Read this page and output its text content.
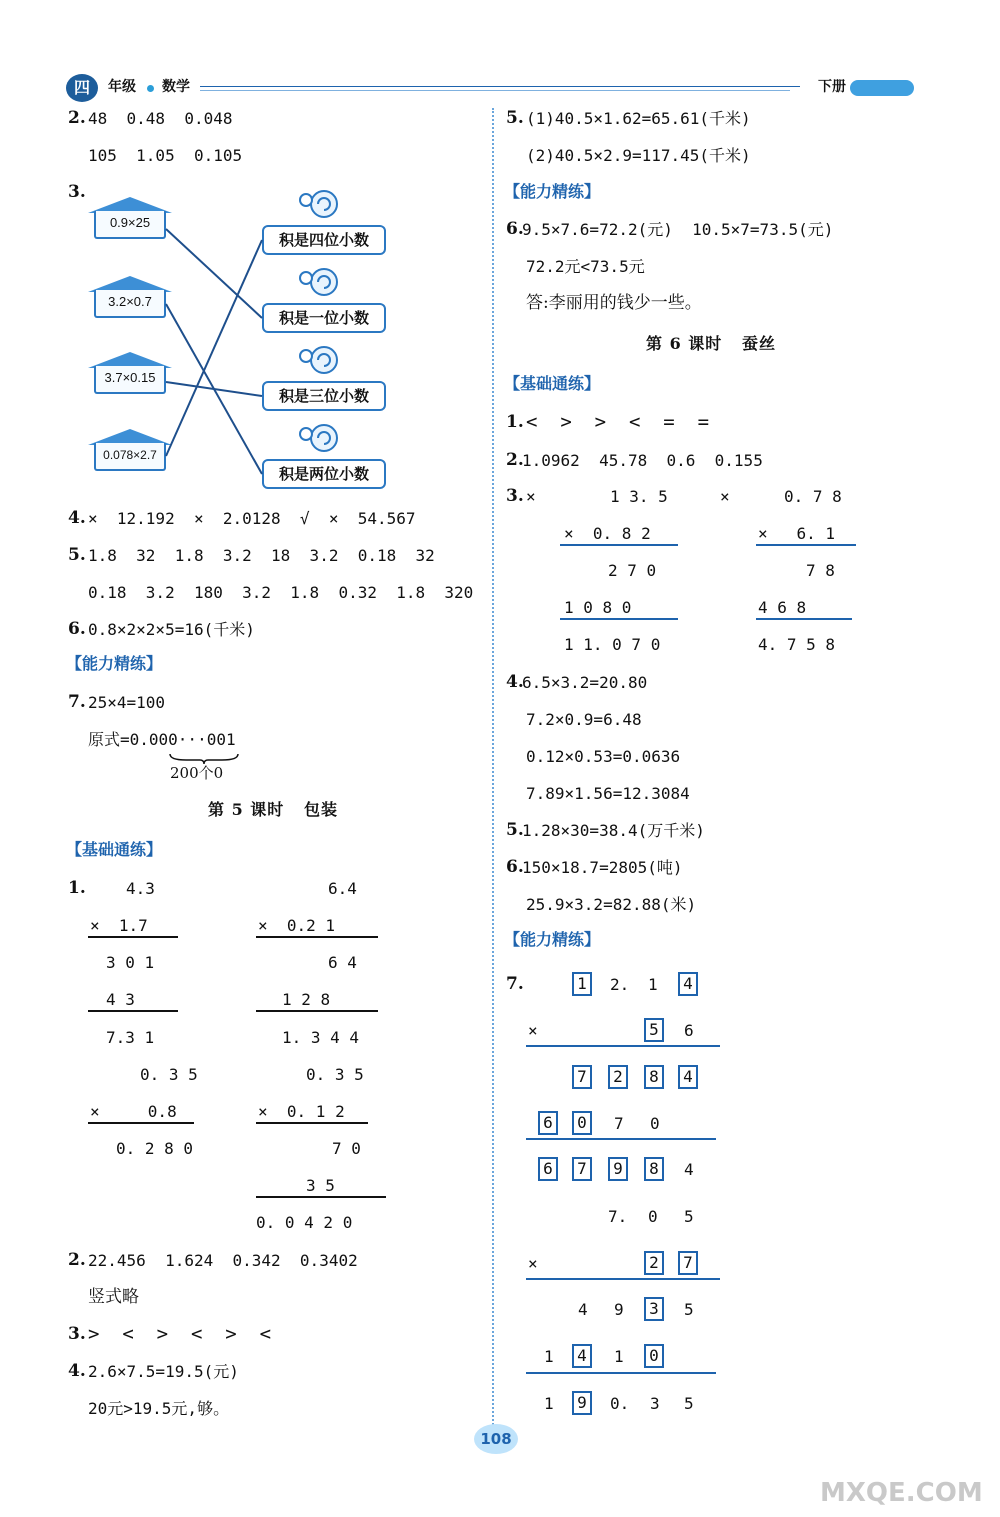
四	年级 数学	下册
2. 48  0.48  0.048
105  1.05  0.105
3.
0.9×25
3.2×0.7
3.7×0.15
0.078×2.7
积是四位小数
积是一位小数
积是三位小数
积是两位小数
4. ×  12.192  ×  2.0128  √  ×  54.567
5. 1.8  32  1.8  3.2  18  3.2  0.18  32
0.18  3.2  180  3.2  1.8  0.32  1.8  320
6. 0.8×2×2×5=16(千米)
【能力精练】
7. 25×4=100
原式=0.000···001
200个0
第 5 课时   包装
【基础通练】
1.	4.3
×  1.7
3 0 1
4 3
7.3 1
6.4
×  0.2 1
6 4
1 2 8
1. 3 4 4
0. 3 5
×     0.8
0. 2 8 0
0. 3 5
×  0. 1 2
7 0
3 5
0. 0 4 2 0
2. 22.456  1.624  0.342  0.3402
竖式略
3. >  <  >  <  >  <
4. 2.6×7.5=19.5(元)
20元>19.5元,够。
5. (1)40.5×1.62=65.61(千米)
(2)40.5×2.9=117.45(千米)
【能力精练】
6.
9.5×7.6=72.2(元)  10.5×7=73.5(元)
72.2元<73.5元
答:李丽用的钱少一些。
第 6 课时   蚕丝
【基础通练】
1. <  >  >  <  =  =
2.
1.0962  45.78  0.6  0.155
3. ×	×
1 3. 5
×  0. 8 2
2 7 0
1 0 8 0
1 1. 0 7 0
0. 7 8
×   6. 1
7 8
4 6 8
4. 7 5 8
4.
6.5×3.2=20.80
7.2×0.9=6.48
0.12×0.53=0.0636
7.89×1.56=12.3084
5.
1.28×30=38.4(万千米)
6.
150×18.7=2805(吨)
25.9×3.2=82.88(米)
【能力精练】
7.	1	2. 1	4
×	5	6
7	2	8	4
6	0	7 0
6	7	9	8	4
7. 0 5
×	2	7
4 9	3	5
1	4	1	0
1	9	0. 3 5
108
MXQE.COM
